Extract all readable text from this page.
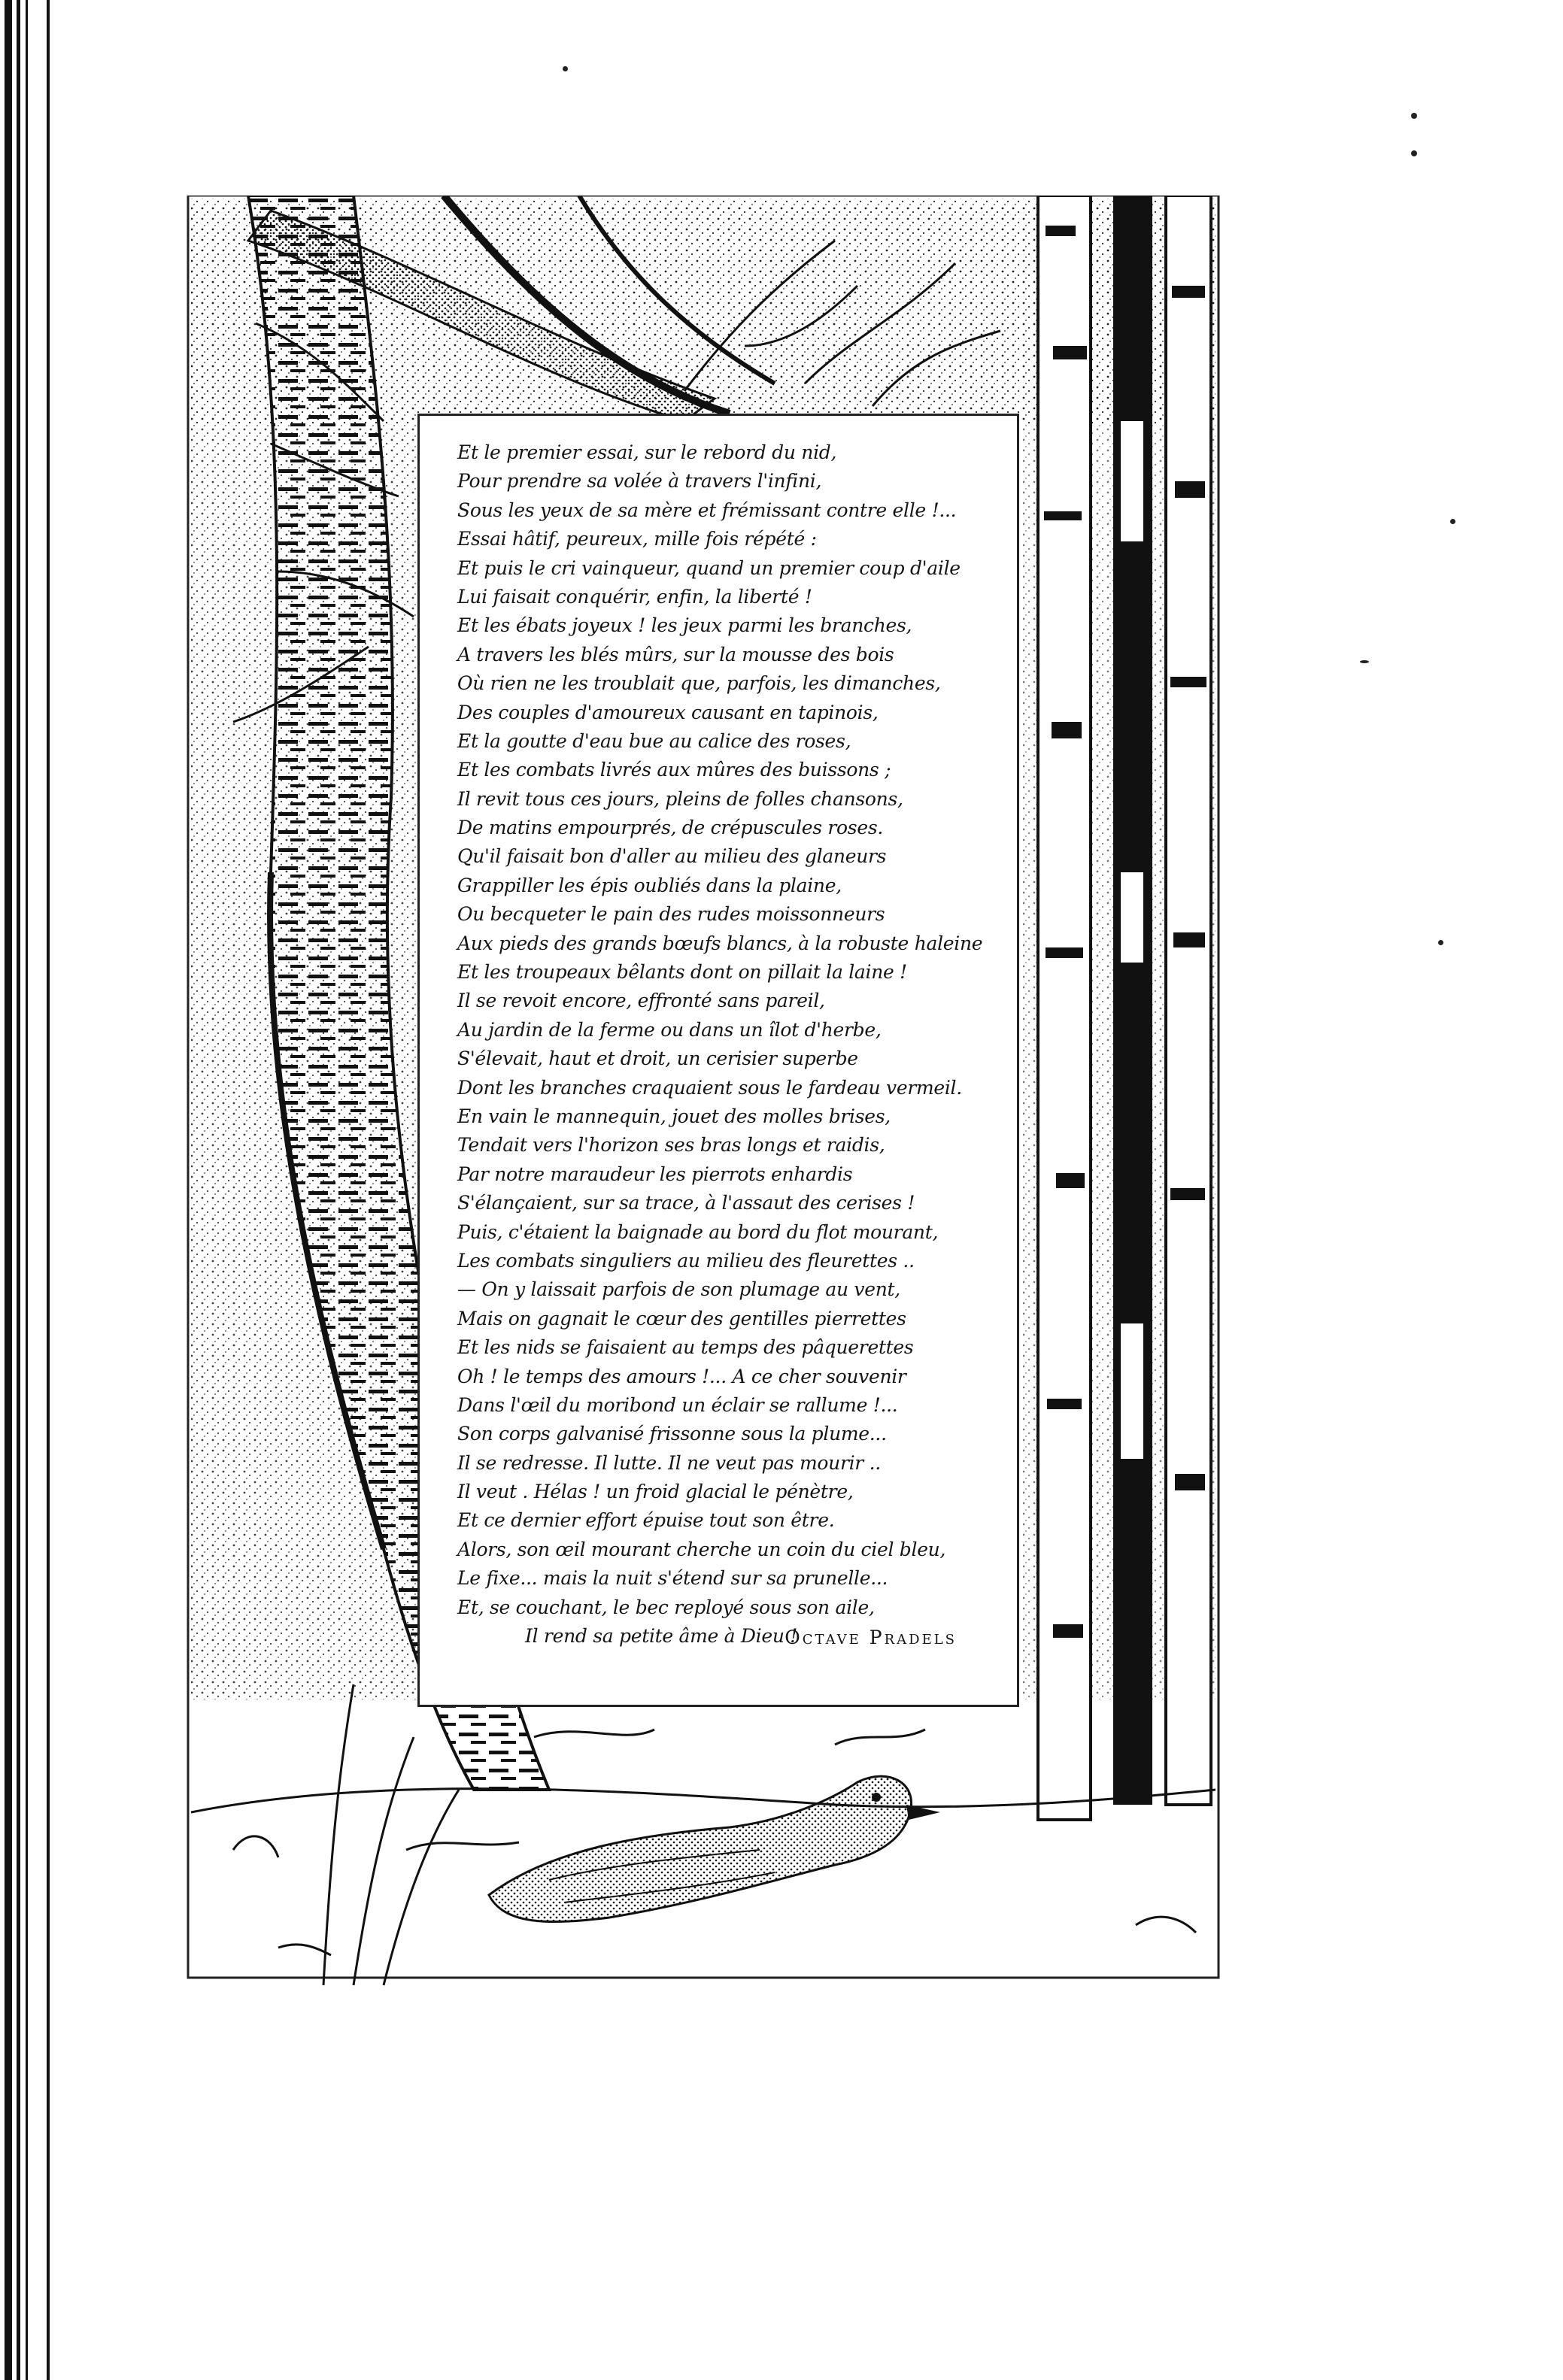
Et le premier essai, sur le rebord du nid,
Pour prendre sa volée à travers l'infini,
Sous les yeux de sa mère et frémissant contre elle !...
Essai hâtif, peureux, mille fois répété :
Et puis le cri vainqueur, quand un premier coup d'aile
Lui faisait conquérir, enfin, la liberté !
Et les ébats joyeux ! les jeux parmi les branches,
A travers les blés mûrs, sur la mousse des bois
Où rien ne les troublait que, parfois, les dimanches,
Des couples d'amoureux causant en tapinois,
Et la goutte d'eau bue au calice des roses,
Et les combats livrés aux mûres des buissons ;
Il revit tous ces jours, pleins de folles chansons,
De matins empourprés, de crépuscules roses.
Qu'il faisait bon d'aller au milieu des glaneurs
Grappiller les épis oubliés dans la plaine,
Ou becqueter le pain des rudes moissonneurs
Aux pieds des grands bœufs blancs, à la robuste haleine
Et les troupeaux bêlants dont on pillait la laine !
Il se revoit encore, effronté sans pareil,
Au jardin de la ferme ou dans un îlot d'herbe,
S'élevait, haut et droit, un cerisier superbe
Dont les branches craquaient sous le fardeau vermeil.
En vain le mannequin, jouet des molles brises,
Tendait vers l'horizon ses bras longs et raidis,
Par notre maraudeur les pierrots enhardis
S'élançaient, sur sa trace, à l'assaut des cerises !
Puis, c'étaient la baignade au bord du flot mourant,
Les combats singuliers au milieu des fleurettes ..
— On y laissait parfois de son plumage au vent,
Mais on gagnait le cœur des gentilles pierrettes
Et les nids se faisaient au temps des pâquerettes
Oh ! le temps des amours !... A ce cher souvenir
Dans l'œil du moribond un éclair se rallume !...
Son corps galvanisé frissonne sous la plume...
Il se redresse. Il lutte. Il ne veut pas mourir ..
Il veut . Hélas ! un froid glacial le pénètre,
Et ce dernier effort épuise tout son être.
Alors, son œil mourant cherche un coin du ciel bleu,
Le fixe... mais la nuit s'étend sur sa prunelle...
Et, se couchant, le bec reployé sous son aile,
Il rend sa petite âme à Dieu !
Octave Pradels
